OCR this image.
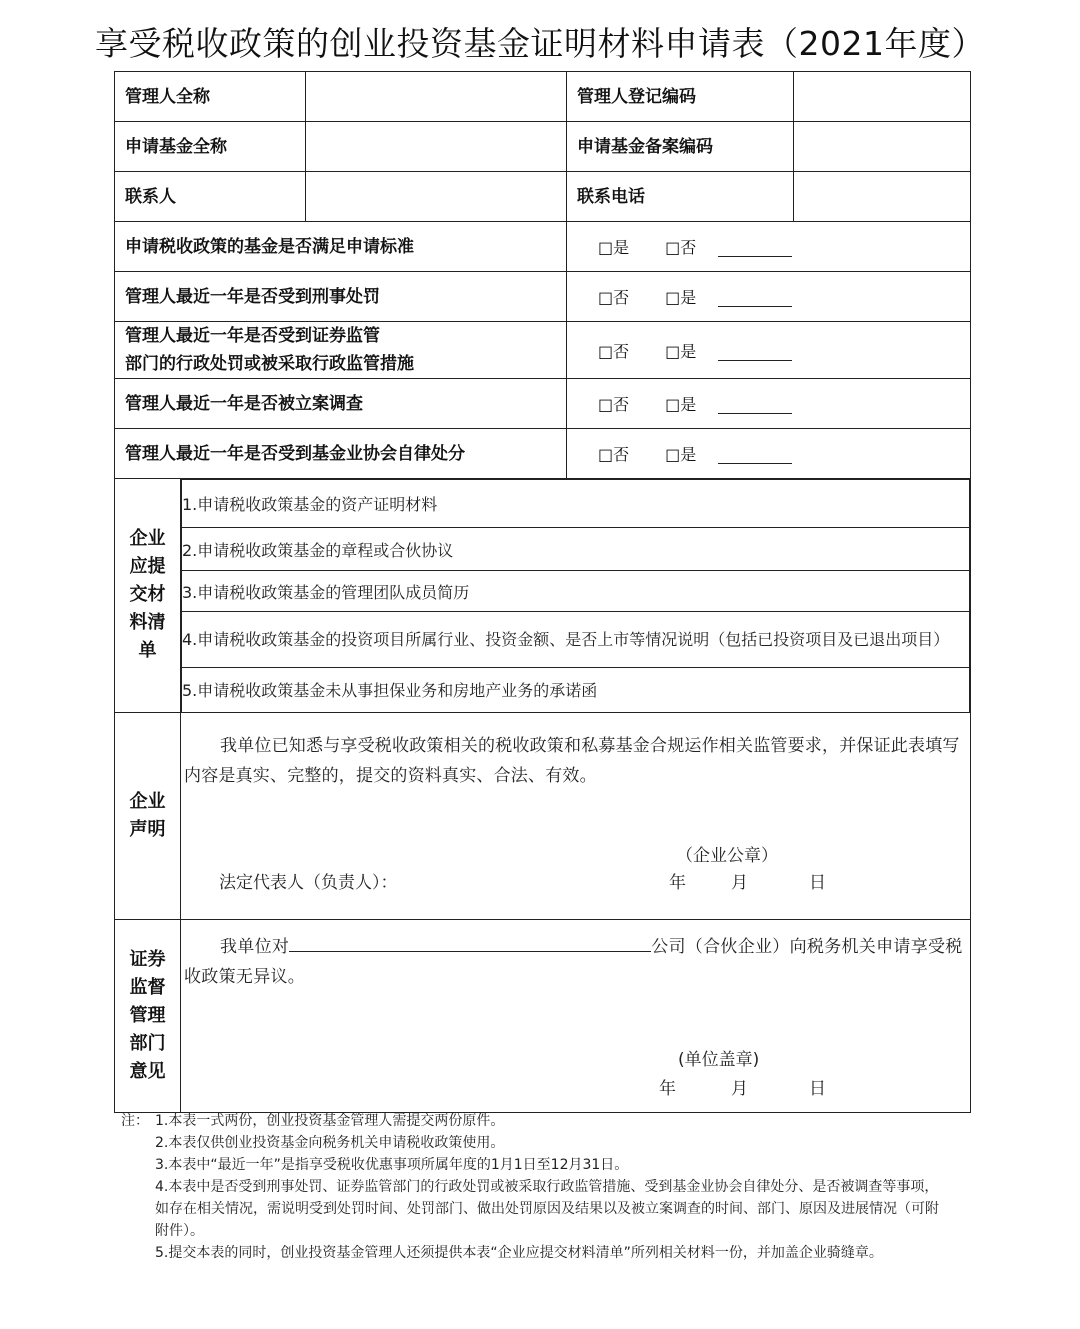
享受税收政策的创业投资基金证明材料申请表（2021年度）
管理人全称		管理人登记编码	
申请基金全称		申请基金备案编码	
联系人		联系电话	
申请税收政策的基金是否满足申请标准	□是 □否
管理人最近一年是否受到刑事处罚	□否 □是

管理人最近一年是否受到证券监管
部门的行政处罚或被采取行政监管措施
	□否 □是
管理人最近一年是否被立案调查	□否 □是
管理人最近一年是否受到基金业协会自律处分	□否 □是

企业
应提
交材
料清
单

1.申请税收政策基金的资产证明材料
2.申请税收政策基金的章程或合伙协议
3.申请税收政策基金的管理团队成员简历
4.申请税收政策基金的投资项目所属行业、投资金额、是否上市等情况说明（包括已投资项目及已退出项目）
5.申请税收政策基金未从事担保业务和房地产业务的承诺函

企业
声明

我单位已知悉与享受税收政策相关的税收政策和私募基金合规运作相关监管要求，并保证此表填写内容是真实、完整的，提交的资料真实、合法、有效。

（企业公章）
法定代表人（负责人）：	年	月	日

证券
监督
管理
部门
意见

我单位对	公司（合伙企业）向税务机关申请享受税收政策无异议。

(单位盖章)
年	月	日
注： 1.本表一式两份，创业投资基金管理人需提交两份原件。
2.本表仅供创业投资基金向税务机关申请税收政策使用。
3.本表中“最近一年”是指享受税收优惠事项所属年度的1月1日至12月31日。
4.本表中是否受到刑事处罚、证券监管部门的行政处罚或被采取行政监管措施、受到基金业协会自律处分、是否被调查等事项，如存在相关情况，需说明受到处罚时间、处罚部门、做出处罚原因及结果以及被立案调查的时间、部门、原因及进展情况（可附附件）。
5.提交本表的同时，创业投资基金管理人还须提供本表“企业应提交材料清单”所列相关材料一份，并加盖企业骑缝章。
